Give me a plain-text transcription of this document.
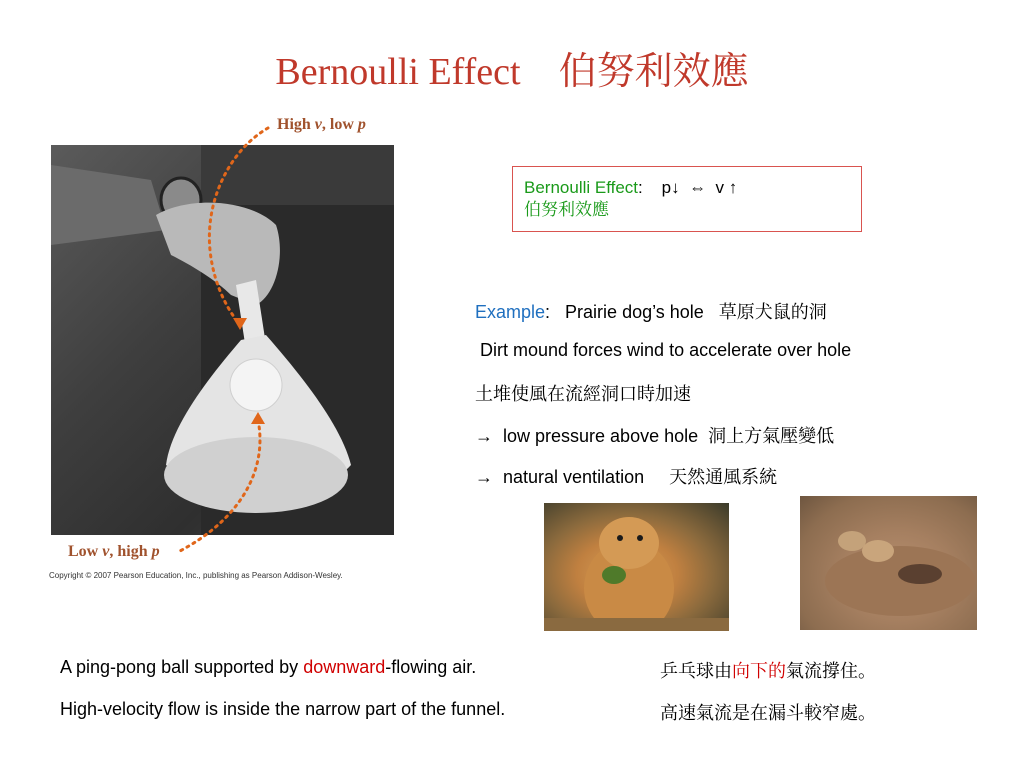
Bernoulli Effect　伯努利效應
High v, low p
Low v, high p
Copyright © 2007 Pearson Education, Inc., publishing as Pearson Addison-Wesley.
Bernoulli Effect: p↓  ⇔  v ↑
伯努利效應
Example:   Prairie dog’s hole   草原犬鼠的洞
Dirt mound forces wind to accelerate over hole
土堆使風在流經洞口時加速
→  low pressure above hole  洞上方氣壓變低
→  natural ventilation     天然通風系統
A ping-pong ball supported by downward-flowing air.
High-velocity flow is inside the narrow part of the funnel.
乒乓球由向下的氣流撐住。
高速氣流是在漏斗較窄處。
